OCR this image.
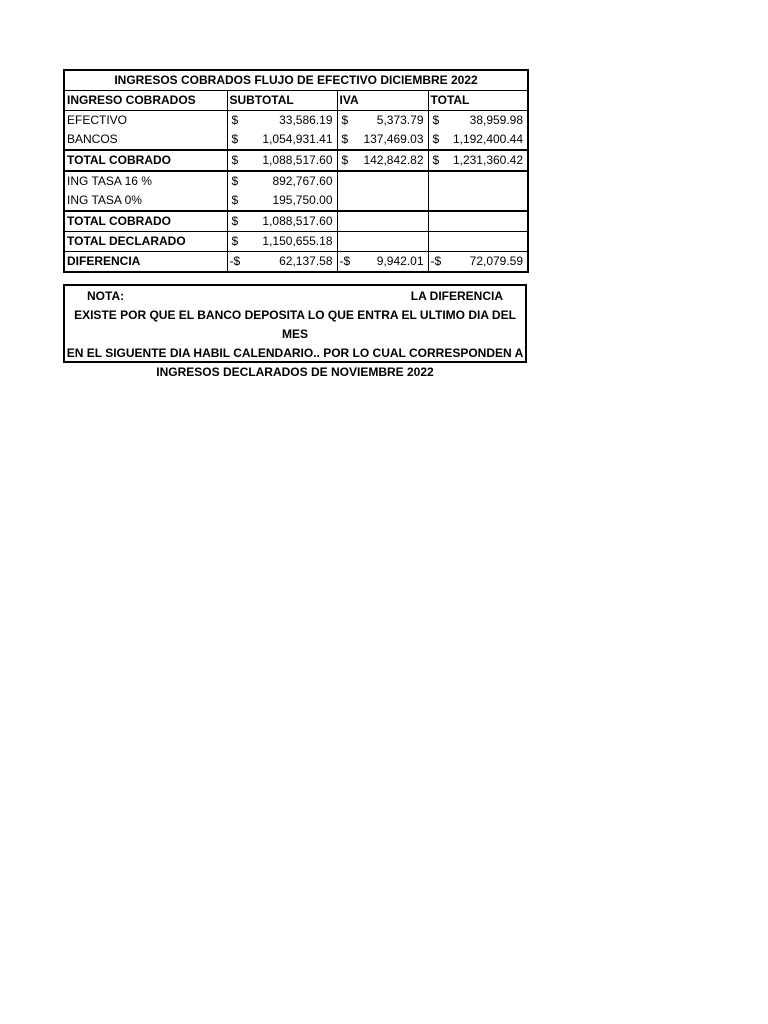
INGRESOS COBRADOS FLUJO DE EFECTIVO DICIEMBRE 2022			
INGRESO COBRADOS	SUBTOTAL	IVA	TOTAL
EFECTIVO	$ 33,586.19	$ 5,373.79	$ 38,959.98

BANCOS	$ 1,054,931.41	$ 137,469.03	$ 1,192,400.44

TOTAL COBRADO	$ 1,088,517.60	$ 142,842.82	$ 1,231,360.42

ING TASA 16 %	$ 892,767.60		

ING TASA 0%	$ 195,750.00		

TOTAL COBRADO	$ 1,088,517.60		

TOTAL DECLARADO	$ 1,150,655.18		

DIFERENCIA	-$ 62,137.58	-$ 9,942.01	-$ 72,079.59
NOTA:	LA DIFERENCIA
EXISTE POR QUE EL BANCO DEPOSITA LO QUE ENTRA EL ULTIMO DIA DEL MES
EN EL SIGUENTE DIA HABIL CALENDARIO.. POR LO CUAL CORRESPONDEN A
INGRESOS DECLARADOS DE NOVIEMBRE 2022
